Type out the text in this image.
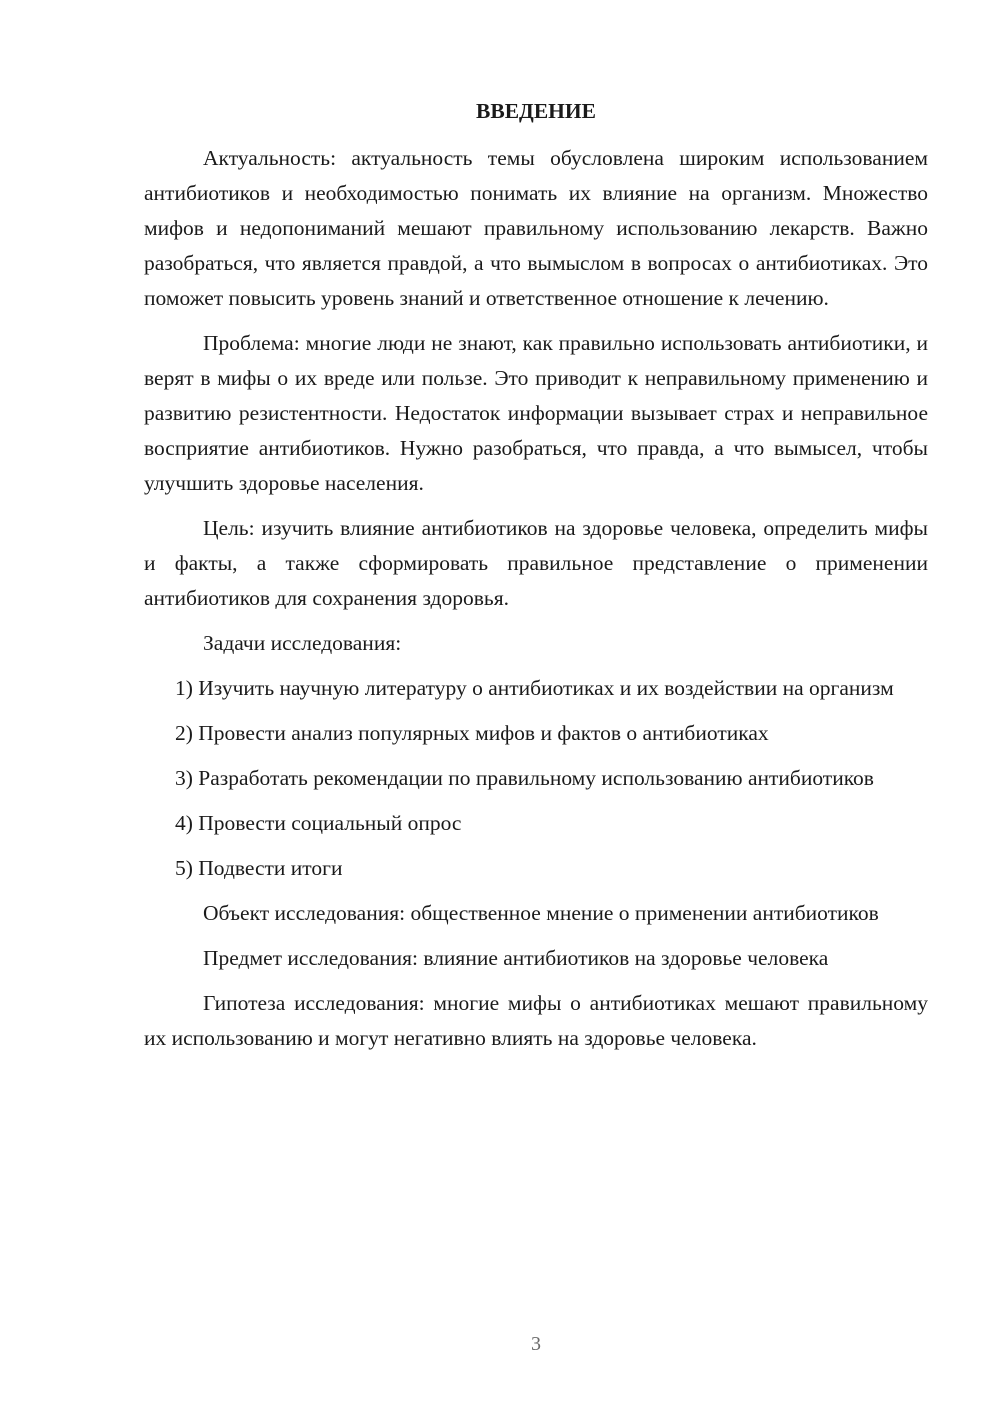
ВВЕДЕНИЕ
Актуальность: актуальность темы обусловлена широким использованием антибиотиков и необходимостью понимать их влияние на организм. Множество мифов и недопониманий мешают правильному использованию лекарств. Важно разобраться, что является правдой, а что вымыслом в вопросах о антибиотиках. Это поможет повысить уровень знаний и ответственное отношение к лечению.
Проблема: многие люди не знают, как правильно использовать антибиотики, и верят в мифы о их вреде или пользе. Это приводит к неправильному применению и развитию резистентности. Недостаток информации вызывает страх и неправильное восприятие антибиотиков. Нужно разобраться, что правда, а что вымысел, чтобы улучшить здоровье населения.
Цель: изучить влияние антибиотиков на здоровье человека, определить мифы и факты, а также сформировать правильное представление о применении антибиотиков для сохранения здоровья.
Задачи исследования:
1) Изучить научную литературу о антибиотиках и их воздействии на организм
2) Провести анализ популярных мифов и фактов о антибиотиках
3) Разработать рекомендации по правильному использованию антибиотиков
4) Провести социальный опрос
5) Подвести итоги
Объект исследования: общественное мнение о применении антибиотиков
Предмет исследования: влияние антибиотиков на здоровье человека
Гипотеза исследования: многие мифы о антибиотиках мешают правильному их использованию и могут негативно влиять на здоровье человека.
3
